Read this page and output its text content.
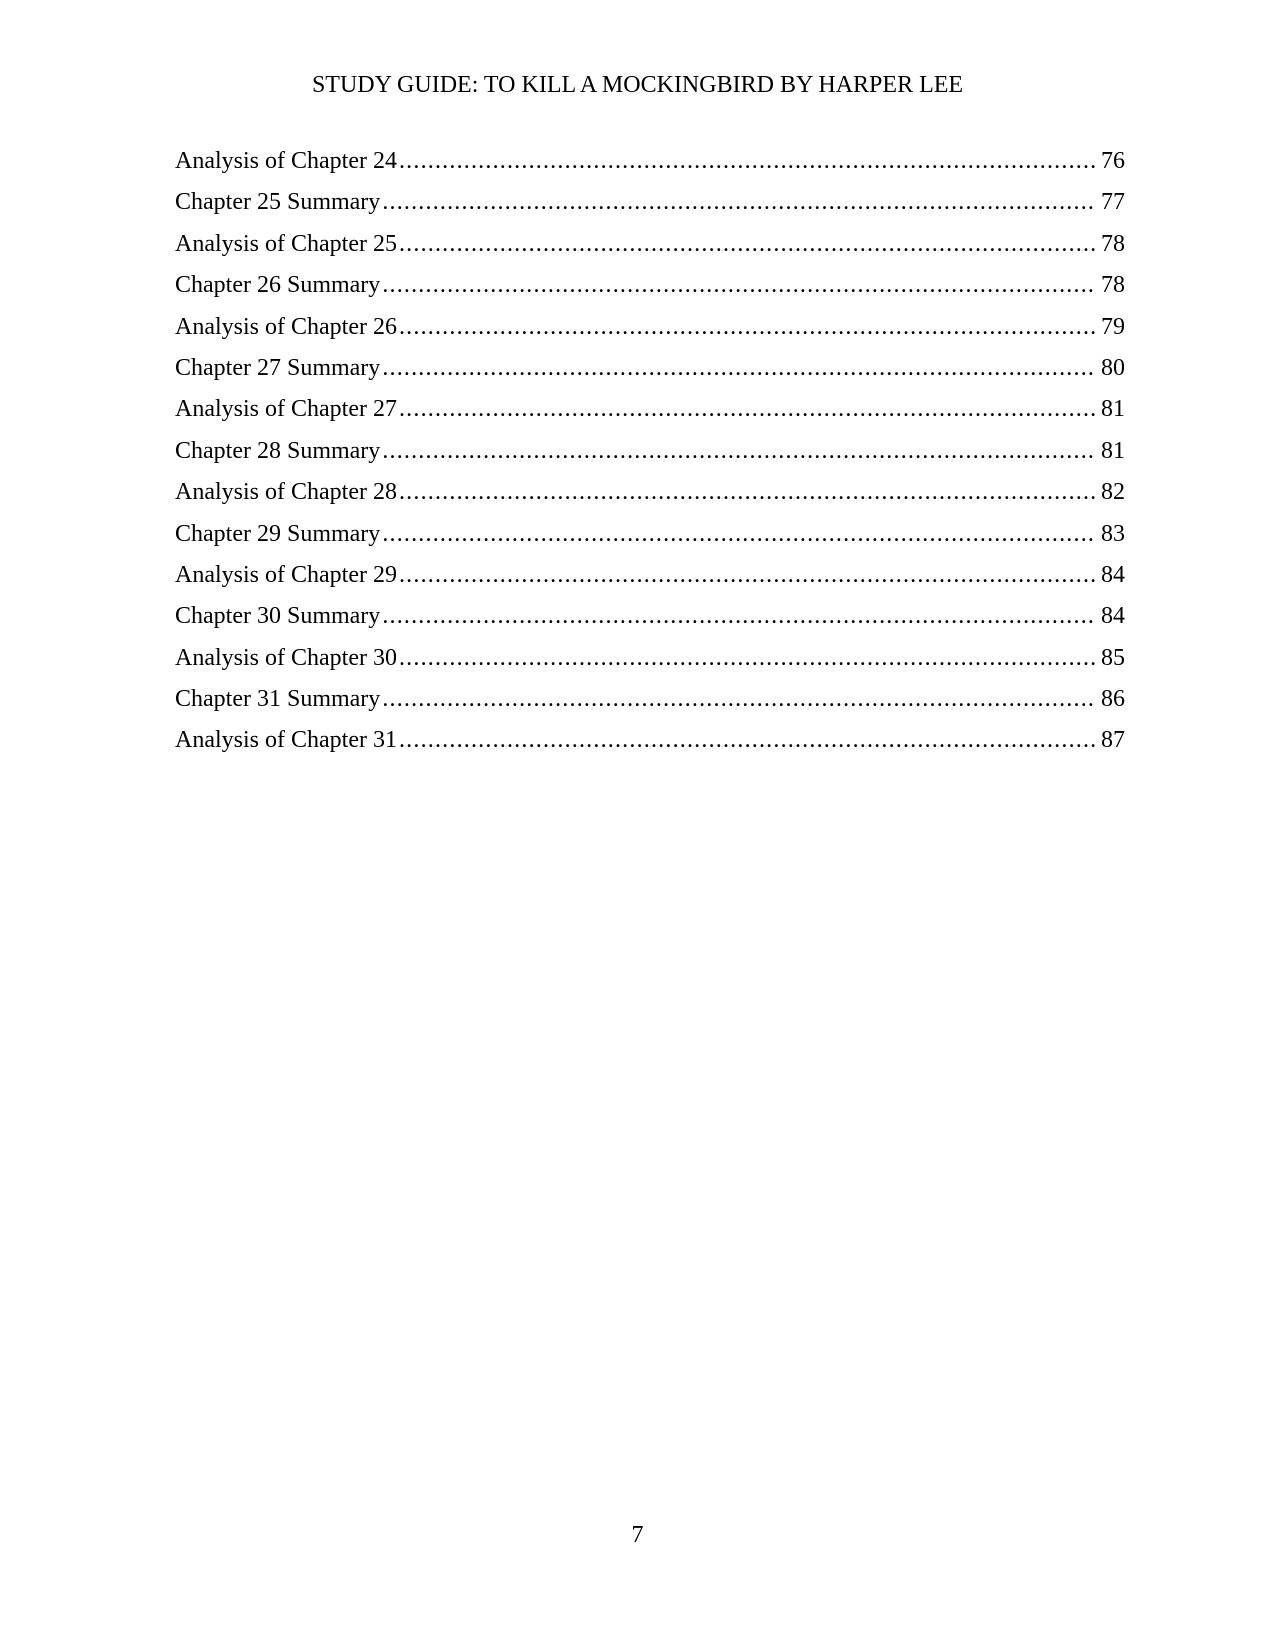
STUDY GUIDE: TO KILL A MOCKINGBIRD BY HARPER LEE
Analysis of Chapter 24 .....	76
Chapter 25 Summary .....	77
Analysis of Chapter 25 .....	78
Chapter 26 Summary .....	78
Analysis of Chapter 26 .....	79
Chapter 27 Summary .....	80
Analysis of Chapter 27 .....	81
Chapter 28 Summary .....	81
Analysis of Chapter 28 .....	82
Chapter 29 Summary .....	83
Analysis of Chapter 29 .....	84
Chapter 30 Summary .....	84
Analysis of Chapter 30 .....	85
Chapter 31 Summary .....	86
Analysis of Chapter 31 .....	87
7
